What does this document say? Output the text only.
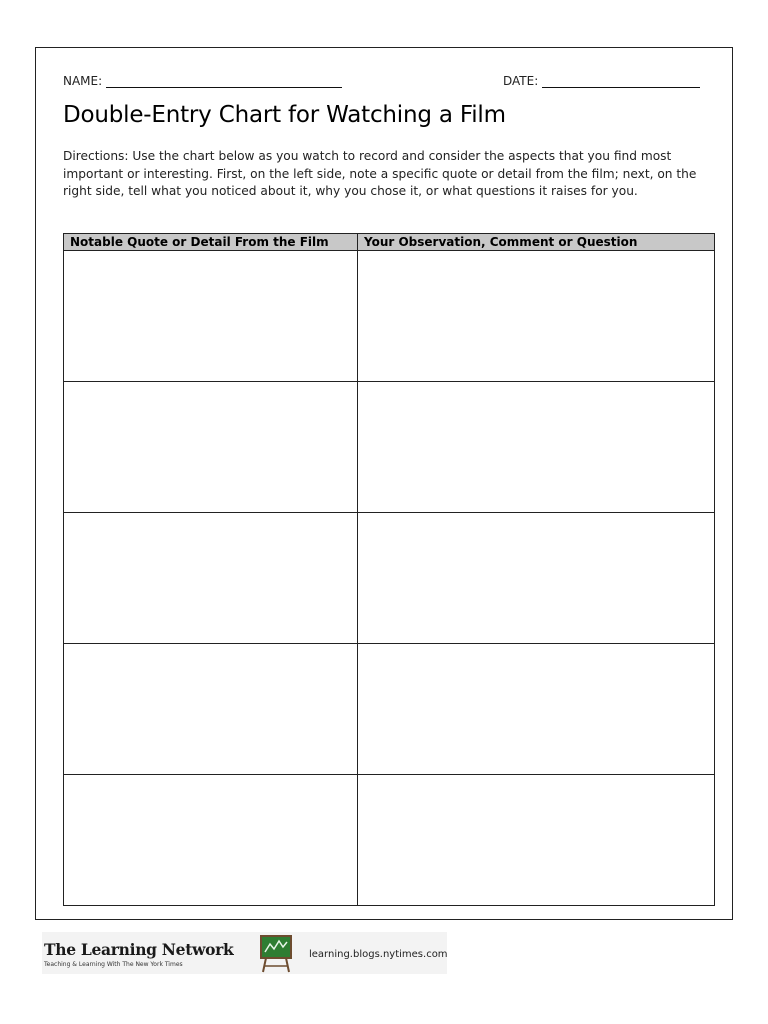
NAME:	DATE:
Double-Entry Chart for Watching a Film

Directions: Use the chart below as you watch to record and consider the aspects that you find most important or interesting. First, on the left side, note a specific quote or detail from the film; next, on the right side, tell what you noticed about it, why you chose it, or what questions it raises for you.

Notable Quote or Detail From the Film	Your Observation, Comment or Question

The Learning Network
Teaching & Learning With The New York Times
learning.blogs.nytimes.com
